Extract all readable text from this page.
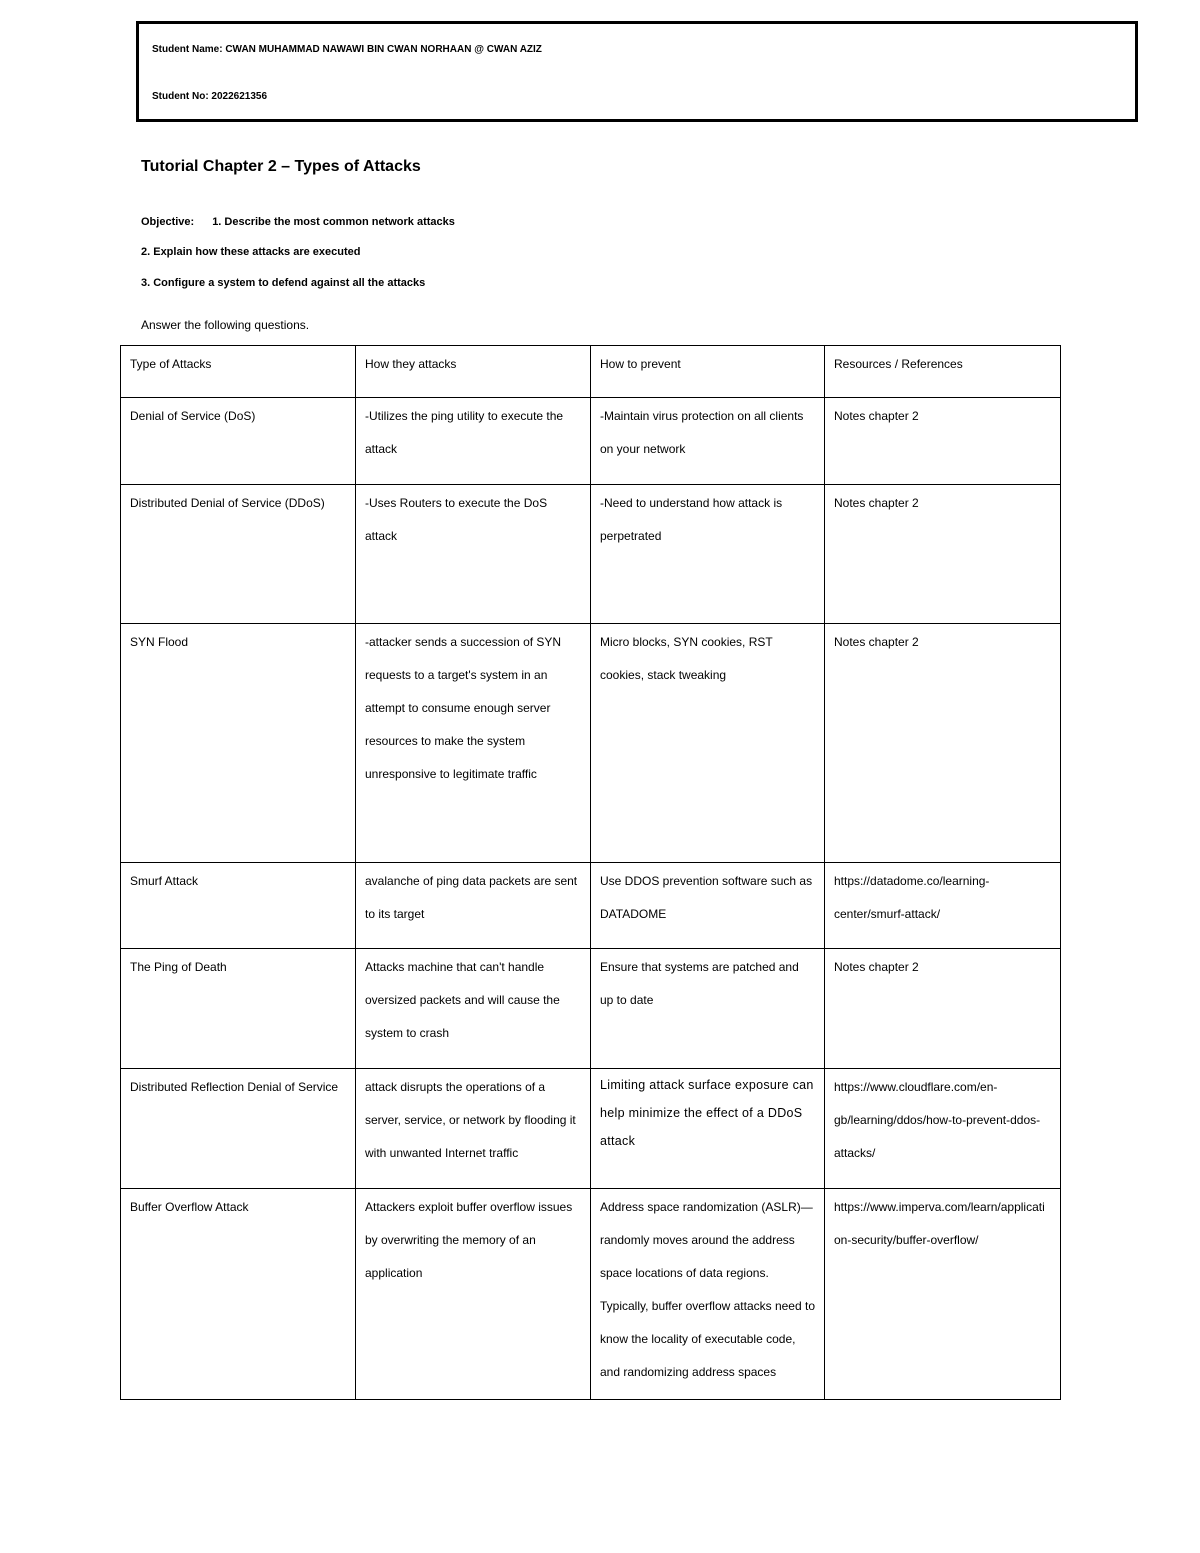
Student Name: CWAN MUHAMMAD NAWAWI BIN CWAN NORHAAN @ CWAN AZIZ
Student No: 2022621356
Tutorial Chapter 2 – Types of Attacks
Objective: 1. Describe the most common network attacks
2. Explain how these attacks are executed
3. Configure a system to defend against all the attacks
Answer the following questions.
Type of Attacks	How they attacks	How to prevent	Resources / References

Denial of Service (DoS)	-Utilizes the ping utility to execute the attack	-Maintain virus protection on all clients on your network	Notes chapter 2

Distributed Denial of Service (DDoS)	-Uses Routers to execute the DoS attack	-Need to understand how attack is perpetrated	Notes chapter 2

SYN Flood	-attacker sends a succession of SYN requests to a target's system in an attempt to consume enough server resources to make the system unresponsive to legitimate traffic	Micro blocks, SYN cookies, RST cookies, stack tweaking	Notes chapter 2

Smurf Attack	avalanche of ping data packets are sent to its target	Use DDOS prevention software such as DATADOME	https://datadome.co/learning-center/smurf-attack/

The Ping of Death	Attacks machine that can't handle oversized packets and will cause the system to crash	Ensure that systems are patched and up to date	Notes chapter 2

Distributed Reflection Denial of Service	attack disrupts the operations of a server, service, or network by flooding it with unwanted Internet traffic	Limiting attack surface exposure can help minimize the effect of a DDoS attack	https://www.cloudflare.com/en-gb/learning/ddos/how-to-prevent-ddos-attacks/

Buffer Overflow Attack	Attackers exploit buffer overflow issues by overwriting the memory of an application	Address space randomization (ASLR)—randomly moves around the address space locations of data regions. Typically, buffer overflow attacks need to know the locality of executable code, and randomizing address spaces	https://www.imperva.com/learn/application-security/buffer-overflow/
